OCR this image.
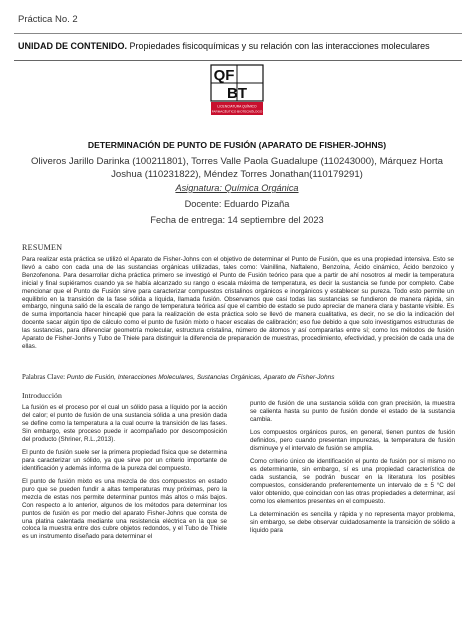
Práctica No. 2
UNIDAD DE CONTENIDO. Propiedades fisicoquímicas y su relación con las interacciones moleculares
QF
BT
LICENCIATURA QUÍMICO
FARMACÉUTICO BIOTECNÓLOGO
DETERMINACIÓN DE PUNTO DE FUSIÓN (APARATO DE FISHER-JOHNS)
Oliveros Jarillo Darinka (100211801), Torres Valle Paola Guadalupe (110243000), Márquez Horta Joshua (110231822), Méndez Torres Jonathan(110179291)
Asignatura: Química Orgánica
Docente: Eduardo Pizaña
Fecha de entrega: 14 septiembre del 2023
RESUMEN

Para realizar esta práctica se utilizó el Aparato de Fisher-Johns con el objetivo de determinar el Punto de Fusión, que es una propiedad intensiva. Esto se llevó a cabo con cada una de las sustancias orgánicas utilizadas, tales como: Vainillina, Naftaleno, Benzoína, Ácido cinámico, Ácido benzoico y Benzofenona. Para desarrollar dicha práctica primero se investigó el Punto de Fusión teórico para que a partir de ahí nosotros al medir la temperatura inicial y final supiéramos cuando ya se había alcanzado su rango o escala máxima de temperatura, es decir la sustancia se funde por completo. Cabe mencionar que el Punto de Fusión sirve para caracterizar compuestos cristalinos orgánicos e inorgánicos y establecer su pureza. Todo esto permite un equilibrio en la transición de la fase sólida a líquida, llamada fusión. Observamos que casi todas las sustancias se fundieron de manera rápida, sin embargo, ninguna salió de la escala de rango de temperatura teórica así que el cambio de estado se pudo apreciar de manera clara y bastante visible. Es de suma importancia hacer hincapié que para la realización de esta práctica solo se llevó de manera cualitativa, es decir, no se dio la indicación del docente sacar algún tipo de cálculo como el punto de fusión mixto o hacer escalas de calibración; eso fue debido a que solo investigamos estructuras de las sustancias, para diferenciar geometría molecular, estructura cristalina, número de átomos y así compararlas entre sí; como los métodos de fusión Aparato de Fisher-Jonhs y Tubo de Thiele para distinguir la diferencia de preparación de muestras, procedimiento, efectividad, y precisión de cada una de ellas.

Palabras Clave: Punto de Fusión, Interacciones Moleculares, Sustancias Orgánicas, Aparato de Fisher-Johns
Introducción

La fusión es el proceso por el cual un sólido pasa a líquido por la acción del calor; el punto de fusión de una sustancia sólida a una presión dada se define como la temperatura a la cual ocurre la transición de las fases. Sin embargo, este proceso puede ir acompañado por descomposición del producto (Shriner, R.L.,2013).

El punto de fusión suele ser la primera propiedad física que se determina para caracterizar un sólido, ya que sirve por un criterio importante de identificación y además informa de la pureza del compuesto.

El punto de fusión mixto es una mezcla de dos compuestos en estado puro que se pueden fundir a altas temperaturas muy próximas, pero la mezcla de estas nos permite determinar puntos más altos o más bajos. Con respecto a lo anterior, algunos de los métodos para determinar los puntos de fusión es por medio del aparato Fisher-Johns que consta de una platina calentada mediante una resistencia eléctrica en la que se coloca la muestra entre dos cubre objetos redondos, y el Tubo de Thiele es un instrumento diseñado para determinar el

punto de fusión de una sustancia sólida con gran precisión, la muestra se calienta hasta su punto de fusión donde el estado de la sustancia cambia.

Los compuestos orgánicos puros, en general, tienen puntos de fusión definidos, pero cuando presentan impurezas, la temperatura de fusión disminuye y el intervalo de fusión se amplía.

Como criterio único de identificación el punto de fusión por sí mismo no es determinante, sin embargo, sí es una propiedad característica de cada sustancia, se podrán buscar en la literatura los posibles compuestos, considerando preferentemente un intervalo de ± 5 °C del valor obtenido, que coincidan con las otras propiedades a determinar, así como los elementos presentes en el compuesto.

La determinación es sencilla y rápida y no representa mayor problema, sin embargo, se debe observar cuidadosamente la transición de sólido a líquido para
